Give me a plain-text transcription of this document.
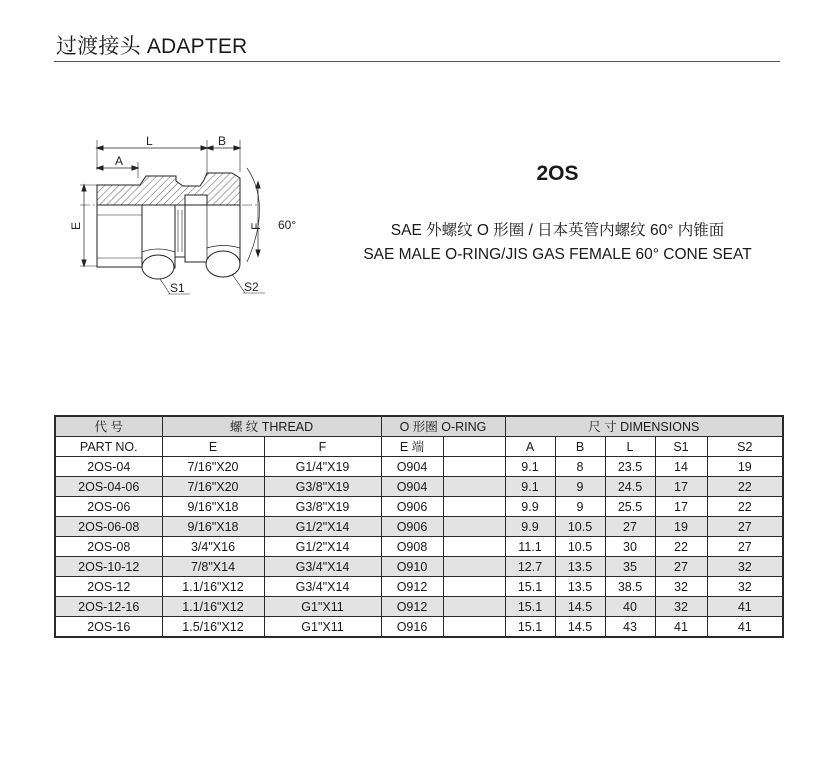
过渡接头 ADAPTER
L	B
A
E	F 60°
S1	S2
2OS
SAE 外螺纹 O 形圈 / 日本英管内螺纹 60° 内锥面
SAE MALE O-RING/JIS GAS FEMALE 60° CONE SEAT
代 号	螺 纹 THREAD		O 形圈 O-RING		尺 寸 DIMENSIONS				
PART NO.	E	F	E 端		A	B	L	S1	S2
2OS-04	7/16"X20	G1/4"X19	O904		9.1	8	23.5	14	19
2OS-04-06	7/16"X20	G3/8"X19	O904		9.1	9	24.5	17	22
2OS-06	9/16"X18	G3/8"X19	O906		9.9	9	25.5	17	22
2OS-06-08	9/16"X18	G1/2"X14	O906		9.9	10.5	27	19	27
2OS-08	3/4"X16	G1/2"X14	O908		11.1	10.5	30	22	27
2OS-10-12	7/8"X14	G3/4"X14	O910		12.7	13.5	35	27	32
2OS-12	1.1/16"X12	G3/4"X14	O912		15.1	13.5	38.5	32	32
2OS-12-16	1.1/16"X12	G1"X11	O912		15.1	14.5	40	32	41
2OS-16	1.5/16"X12	G1"X11	O916		15.1	14.5	43	41	41
